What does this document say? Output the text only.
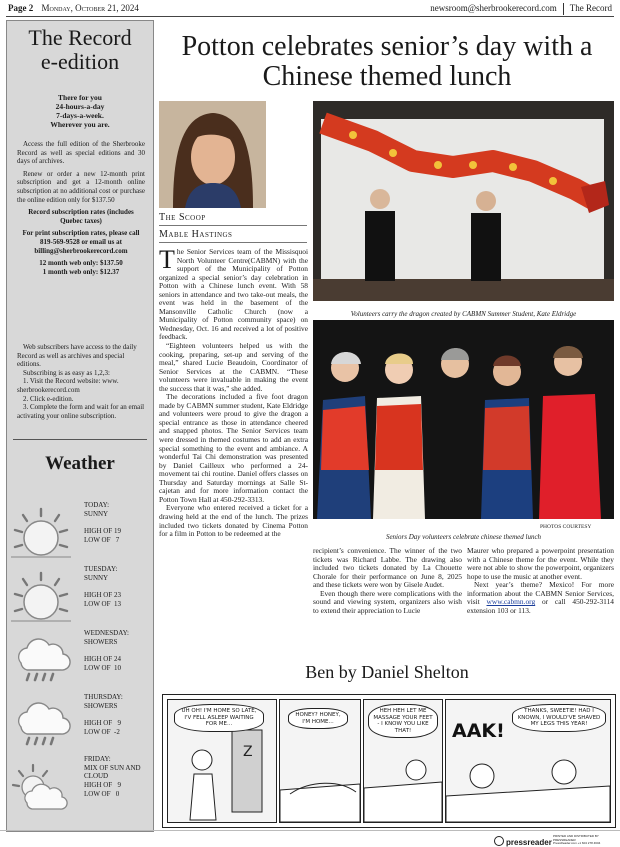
Page 2 Monday, October 21, 2024	newsroom@sherbrookerecord.com The Record
The Record
e-edition
There for you
24-hours-a-day
7-days-a-week.
Wherever you are.

Access the full edition of the Sherbrooke Record as well as special editions and 30 days of archives.

Renew or order a new 12-month print subscription and get a 12-month online subscription at no additional cost or purchase the online edition only for $137.50

Record subscription rates (includes Quebec taxes)

For print subscription rates, please call 819-569-9528 or email us at billing@sherbrookerecord.com

12 month web only: $137.50

1 month web only: $12.37

Web subscribers have access to the daily Record as well as archives and special editions.

Subscribing is as easy as 1,2,3:

1. Visit the Record website: www. sherbrookerecord.com

2. Click e-edition.

3. Complete the form and wait for an email activating your online subscription.

Weather
TODAY:
SUNNY
HIGH OF 19
LOW OF   7
TUESDAY:
SUNNY
HIGH OF 23
LOW OF  13
WEDNESDAY:
SHOWERS
HIGH OF 24
LOW OF  10
THURSDAY:
SHOWERS
HIGH OF   9
LOW OF  -2
FRIDAY:
MIX OF SUN AND CLOUD
HIGH OF   9
LOW OF   0
Potton celebrates senior’s day with a Chinese themed lunch
The Scoop
Mable Hastings

The Senior Services team of the Missisquoi North Volunteer Centre(CABMN) with the support of the Municipality of Potton organized a special senior’s day celebration in Potton with a Chinese lunch event. With 58 seniors in attendance and two take-out meals, the event was held in the basement of the Mansonville Catholic Church (now a Municipality of Potton community space) on Wednesday, Oct. 16 and received a lot of positive feedback.

“Eighteen volunteers helped us with the cooking, preparing, set-up and serving of the meal,” shared Lucie Beaudoin, Coordinator of Senior Services at the CABMN. “These volunteers were invaluable in making the event the success that it was,” she added.

The decorations included a five foot dragon made by CABMN summer student, Kate Eldridge and volunteers were proud to give the dragon a special entrance as those in attendance cheered and snapped photos. The Senior Services team were dressed in themed costumes to add an extra special something to the event and ambiance. A wonderful Tai Chi demonstration was presented by Daniel Cailleux who performed a 24-movement tai chi routine. Daniel offers classes on Thursday and Saturday mornings at Salle St-cajetan and for more information contact the Potton Town Hall at 450-292-3313.

Everyone who entered received a ticket for a drawing held at the end of the lunch. The prizes included two tickets donated by Cinema Potton for a film in Potton to be redeemed at the

Volunteers carry the dragon created by CABMN Summer Student, Kate Eldridge
PHOTOS COURTESY
Seniors Day volunteers celebrate chinese themed lunch

recipient’s convenience. The winner of the two tickets was Richard Labbe. The drawing also included two tickets donated by La Chouette Chorale for their performance on June 8, 2025 and these tickets were won by Gisele Audet.

Even though there were complications with the sound and viewing system, organizers also wish to extend their appreciation to Lucie

Maurer who prepared a powerpoint presentation with a Chinese theme for the event. While they were not able to show the powerpoint, organizers hope to use the music at another event.

Next year’s theme? Mexico! For more information about the CABMN Senior Services, visit www.cabmn.org or call 450-292-3114 extension 103 or 113.

Ben by Daniel Shelton
Z
UH OH! I'M HOME SO LATE, I'V FELL ASLEEP WAITING FOR ME...
HONEY? HONEY, I'M HOME...
HEH HEH LET ME MASSAGE YOUR FEET - I KNOW YOU LIKE THAT!	AAK!
THANKS, SWEETIE! HAD I KNOWN, I WOULD'VE SHAVED MY LEGS THIS YEAR!
pressreader
PRINTED AND DISTRIBUTED BY PRESSREADER
PressReader.com +1 604 278 4604
